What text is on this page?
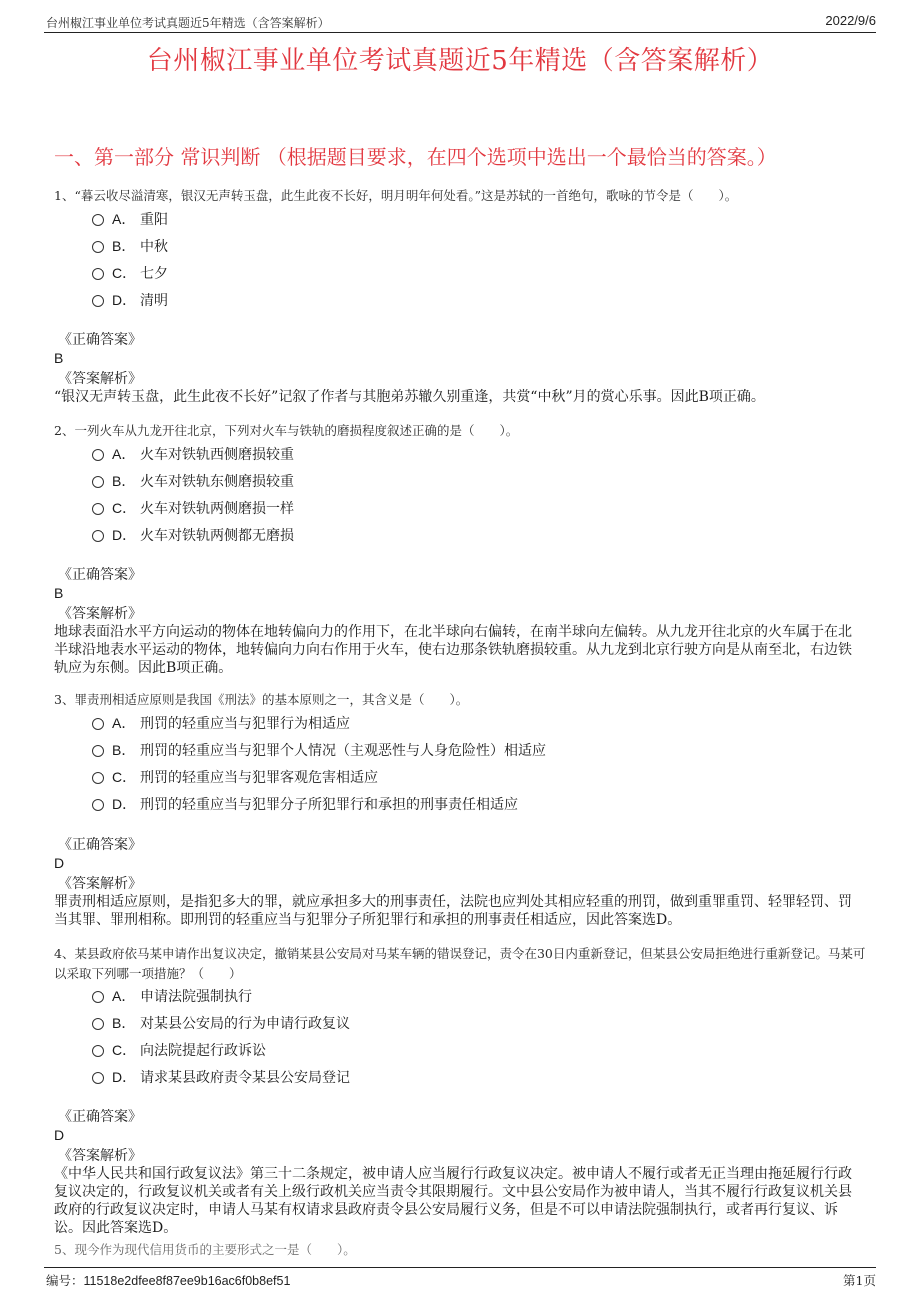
台州椒江事业单位考试真题近5年精选（含答案解析）	2022/9/6
台州椒江事业单位考试真题近5年精选（含答案解析）
一、第一部分 常识判断 （根据题目要求，在四个选项中选出一个最恰当的答案。）
1、“暮云收尽溢清寒，银汉无声转玉盘，此生此夜不长好，明月明年何处看。”这是苏轼的一首绝句，歌咏的节令是（　　）。
A． 重阳
B． 中秋
C． 七夕
D． 清明
《正确答案》
B
《答案解析》
“银汉无声转玉盘，此生此夜不长好”记叙了作者与其胞弟苏辙久别重逢，共赏“中秋”月的赏心乐事。因此B项正确。
2、一列火车从九龙开往北京，下列对火车与铁轨的磨损程度叙述正确的是（　　）。
A． 火车对铁轨西侧磨损较重
B． 火车对铁轨东侧磨损较重
C． 火车对铁轨两侧磨损一样
D． 火车对铁轨两侧都无磨损
《正确答案》
B
《答案解析》
地球表面沿水平方向运动的物体在地转偏向力的作用下，在北半球向右偏转，在南半球向左偏转。从九龙开往北京的火车属于在北半球沿地表水平运动的物体，地转偏向力向右作用于火车，使右边那条铁轨磨损较重。从九龙到北京行驶方向是从南至北，右边铁轨应为东侧。因此B项正确。
3、罪责刑相适应原则是我国《刑法》的基本原则之一，其含义是（　　）。
A． 刑罚的轻重应当与犯罪行为相适应
B． 刑罚的轻重应当与犯罪个人情况（主观恶性与人身危险性）相适应
C． 刑罚的轻重应当与犯罪客观危害相适应
D． 刑罚的轻重应当与犯罪分子所犯罪行和承担的刑事责任相适应
《正确答案》
D
《答案解析》
罪责刑相适应原则，是指犯多大的罪，就应承担多大的刑事责任，法院也应判处其相应轻重的刑罚，做到重罪重罚、轻罪轻罚、罚当其罪、罪刑相称。即刑罚的轻重应当与犯罪分子所犯罪行和承担的刑事责任相适应，因此答案选D。
4、某县政府依马某申请作出复议决定，撤销某县公安局对马某车辆的错误登记，责令在30日内重新登记，但某县公安局拒绝进行重新登记。马某可以采取下列哪一项措施？（　　）
A． 申请法院强制执行
B． 对某县公安局的行为申请行政复议
C． 向法院提起行政诉讼
D． 请求某县政府责令某县公安局登记
《正确答案》
D
《答案解析》
《中华人民共和国行政复议法》第三十二条规定，被申请人应当履行行政复议决定。被申请人不履行或者无正当理由拖延履行行政复议决定的，行政复议机关或者有关上级行政机关应当责令其限期履行。文中县公安局作为被申请人，当其不履行行政复议机关县政府的行政复议决定时，申请人马某有权请求县政府责令县公安局履行义务，但是不可以申请法院强制执行，或者再行复议、诉讼。因此答案选D。
5、现今作为现代信用货币的主要形式之一是（　　）。
编号：11518e2dfee8f87ee9b16ac6f0b8ef51	第1页
